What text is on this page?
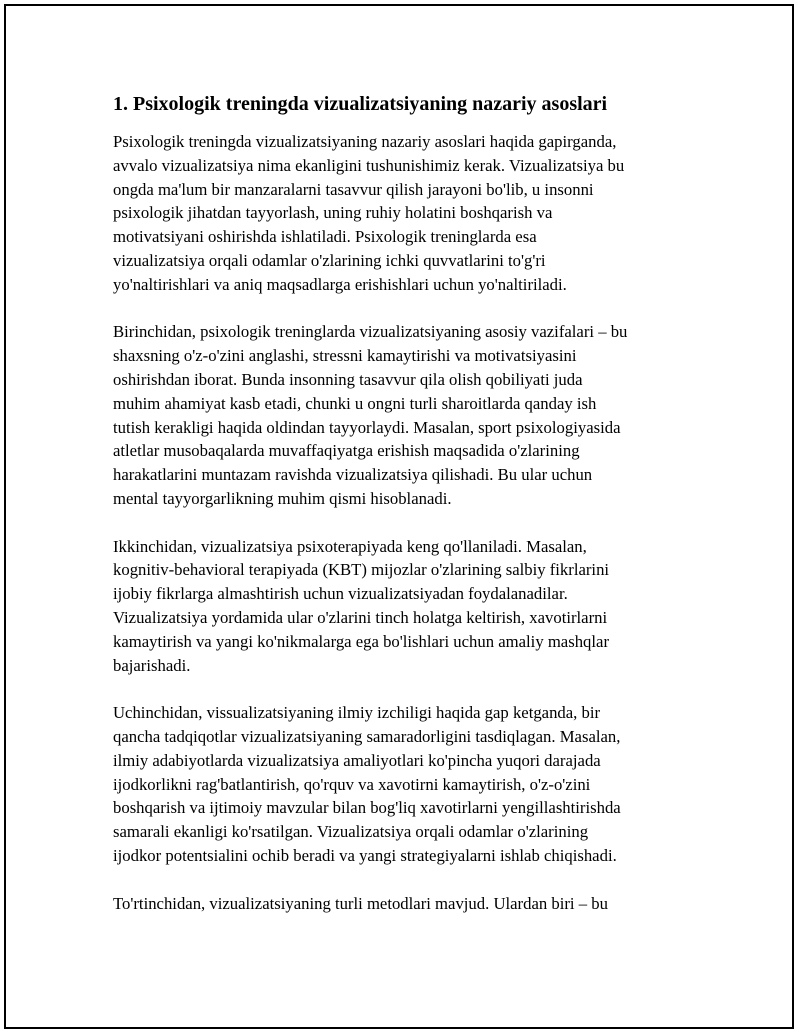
1. Psixologik treningda vizualizatsiyaning nazariy asoslari

Psixologik treningda vizualizatsiyaning nazariy asoslari haqida gapirganda,
avvalo vizualizatsiya nima ekanligini tushunishimiz kerak. Vizualizatsiya bu
ongda ma'lum bir manzaralarni tasavvur qilish jarayoni bo'lib, u insonni
psixologik jihatdan tayyorlash, uning ruhiy holatini boshqarish va
motivatsiyani oshirishda ishlatiladi. Psixologik treninglarda esa
vizualizatsiya orqali odamlar o'zlarining ichki quvvatlarini to'g'ri
yo'naltirishlari va aniq maqsadlarga erishishlari uchun yo'naltiriladi.

Birinchidan, psixologik treninglarda vizualizatsiyaning asosiy vazifalari – bu
shaxsning o'z-o'zini anglashi, stressni kamaytirishi va motivatsiyasini
oshirishdan iborat. Bunda insonning tasavvur qila olish qobiliyati juda
muhim ahamiyat kasb etadi, chunki u ongni turli sharoitlarda qanday ish
tutish kerakligi haqida oldindan tayyorlaydi. Masalan, sport psixologiyasida
atletlar musobaqalarda muvaffaqiyatga erishish maqsadida o'zlarining
harakatlarini muntazam ravishda vizualizatsiya qilishadi. Bu ular uchun
mental tayyorgarlikning muhim qismi hisoblanadi.

Ikkinchidan, vizualizatsiya psixoterapiyada keng qo'llaniladi. Masalan,
kognitiv-behavioral terapiyada (KBT) mijozlar o'zlarining salbiy fikrlarini
ijobiy fikrlarga almashtirish uchun vizualizatsiyadan foydalanadilar.
Vizualizatsiya yordamida ular o'zlarini tinch holatga keltirish, xavotirlarni
kamaytirish va yangi ko'nikmalarga ega bo'lishlari uchun amaliy mashqlar
bajarishadi.

Uchinchidan, vissualizatsiyaning ilmiy izchiligi haqida gap ketganda, bir
qancha tadqiqotlar vizualizatsiyaning samaradorligini tasdiqlagan. Masalan,
ilmiy adabiyotlarda vizualizatsiya amaliyotlari ko'pincha yuqori darajada
ijodkorlikni rag'batlantirish, qo'rquv va xavotirni kamaytirish, o'z-o'zini
boshqarish va ijtimoiy mavzular bilan bog'liq xavotirlarni yengillashtirishda
samarali ekanligi ko'rsatilgan. Vizualizatsiya orqali odamlar o'zlarining
ijodkor potentsialini ochib beradi va yangi strategiyalarni ishlab chiqishadi.

To'rtinchidan, vizualizatsiyaning turli metodlari mavjud. Ulardan biri – bu
